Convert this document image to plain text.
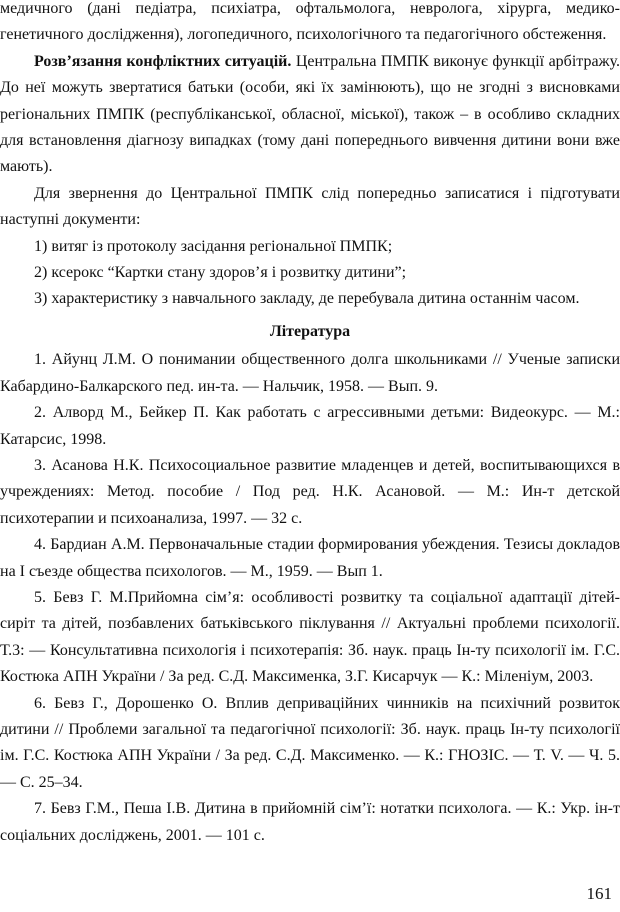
медичного (дані педіатра, психіатра, офтальмолога, невролога, хірурга, медико-генетичного дослідження), логопедичного, психологічного та педагогічного обстеження.

Розв’язання конфліктних ситуацій. Центральна ПМПК виконує функції арбітражу. До неї можуть звертатися батьки (особи, які їх замінюють), що не згодні з висновками регіональних ПМПК (республіканської, обласної, міської), також – в особливо складних для встановлення діагнозу випадках (тому дані попереднього вивчення дитини вони вже мають).

Для звернення до Центральної ПМПК слід попередньо записатися і підготувати наступні документи:

1) витяг із протоколу засідання регіональної ПМПК;

2) ксерокс “Картки стану здоров’я і розвитку дитини”;

3) характеристику з навчального закладу, де перебувала дитина останнім часом.

Література

1. Айунц Л.М. О понимании общественного долга школьниками // Ученые записки Кабардино-Балкарского пед. ин-та. — Нальчик, 1958. — Вып. 9.

2. Алворд М., Бейкер П. Как работать с агрессивными детьми: Видеокурс. — М.: Катарсис, 1998.

3. Асанова Н.К. Психосоциальное развитие младенцев и детей, воспитывающихся в учреждениях: Метод. пособие / Под ред. Н.К. Асановой. — М.: Ин-т детской психотерапии и психоанализа, 1997. — 32 с.

4. Бардиан А.М. Первоначальные стадии формирования убеждения. Тезисы докладов на I съезде общества психологов. — М., 1959. — Вып 1.

5. Бевз Г. М.Прийомна сім’я: особливості розвитку та соціальної адаптації дітей-сиріт та дітей, позбавлених батьківського піклування // Актуальні проблеми психології. Т.3: — Консультативна психологія і психотерапія: Зб. наук. праць Ін-ту психології ім. Г.С. Костюка АПН України / За ред. С.Д. Максименка, З.Г. Кисарчук — К.: Мiленiум, 2003.

6. Бевз Г., Дорошенко О. Вплив деприваційних чинників на психічний розвиток дитини // Проблеми загальної та педагогічної психології: Зб. наук. праць Ін-ту психології ім. Г.С. Костюка АПН України / За ред. С.Д. Максименко. — К.: ГНОЗІС. — Т. V. — Ч. 5. — С. 25–34.

7. Бевз Г.М., Пеша І.В. Дитина в прийомній сім’ї: нотатки психолога. — К.: Укр. ін-т соціальних досліджень, 2001. — 101 с.

161
